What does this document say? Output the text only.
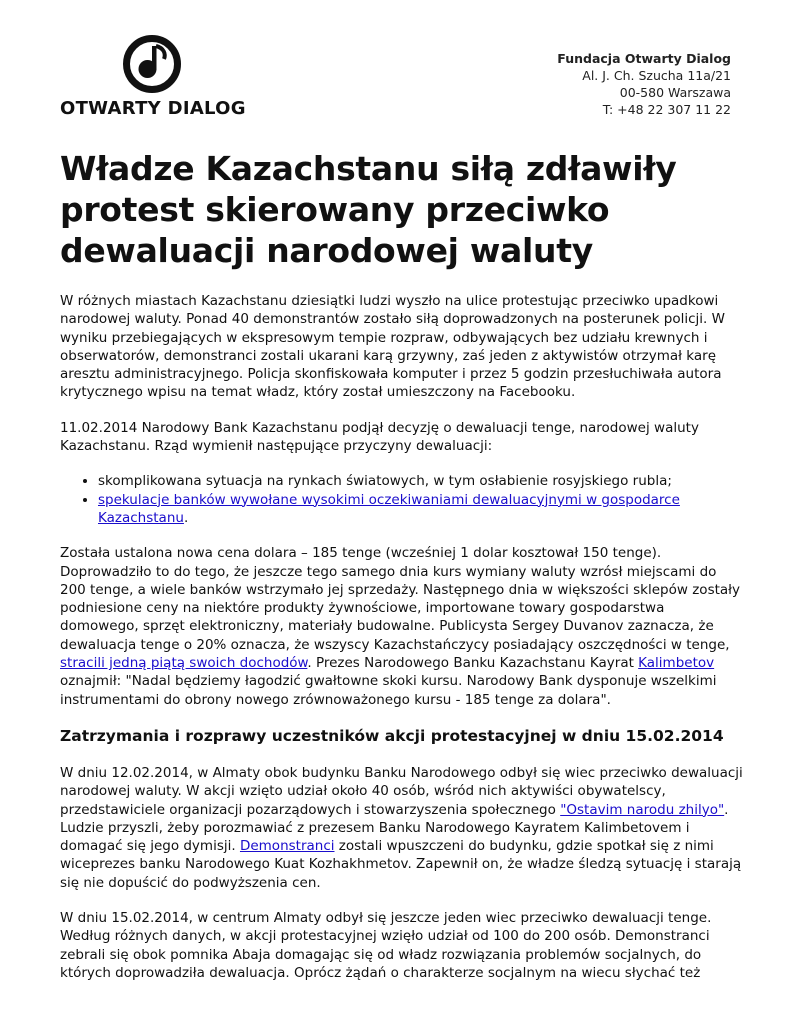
OTWARTY DIALOG
Fundacja Otwarty Dialog
Al. J. Ch. Szucha 11a/21
00-580 Warszawa
T: +48 22 307 11 22
Władze Kazachstanu siłą zdławiły protest skierowany przeciwko dewaluacji narodowej waluty

W różnych miastach Kazachstanu dziesiątki ludzi wyszło na ulice protestując przeciwko upadkowi narodowej waluty. Ponad 40 demonstrantów zostało siłą doprowadzonych na posterunek policji. W wyniku przebiegających w ekspresowym tempie rozpraw, odbywających bez udziału krewnych i obserwatorów, demonstranci zostali ukarani karą grzywny, zaś jeden z aktywistów otrzymał karę aresztu administracyjnego. Policja skonfiskowała komputer i przez 5 godzin przesłuchiwała autora krytycznego wpisu na temat władz, który został umieszczony na Facebooku.

11.02.2014 Narodowy Bank Kazachstanu podjął decyzję o dewaluacji tenge, narodowej waluty Kazachstanu. Rząd wymienił następujące przyczyny dewaluacji:

• skomplikowana sytuacja na rynkach światowych, w tym osłabienie rosyjskiego rubla;
• spekulacje banków wywołane wysokimi oczekiwaniami dewaluacyjnymi w gospodarce Kazachstanu.

Została ustalona nowa cena dolara – 185 tenge (wcześniej 1 dolar kosztował 150 tenge). Doprowadziło to do tego, że jeszcze tego samego dnia kurs wymiany waluty wzrósł miejscami do 200 tenge, a wiele banków wstrzymało jej sprzedaży. Następnego dnia w większości sklepów zostały podniesione ceny na niektóre produkty żywnościowe, importowane towary gospodarstwa domowego, sprzęt elektroniczny, materiały budowalne. Publicysta Sergey Duvanov zaznacza, że dewaluacja tenge o 20% oznacza, że wszyscy Kazachstańczycy posiadający oszczędności w tenge, stracili jedną piątą swoich dochodów. Prezes Narodowego Banku Kazachstanu Kayrat Kalimbetov oznajmił: "Nadal będziemy łagodzić gwałtowne skoki kursu. Narodowy Bank dysponuje wszelkimi instrumentami do obrony nowego zrównoważonego kursu - 185 tenge za dolara".

Zatrzymania i rozprawy uczestników akcji protestacyjnej w dniu 15.02.2014

W dniu 12.02.2014, w Almaty obok budynku Banku Narodowego odbył się wiec przeciwko dewaluacji narodowej waluty. W akcji wzięto udział około 40 osób, wśród nich aktywiści obywatelscy, przedstawiciele organizacji pozarządowych i stowarzyszenia społecznego "Ostavim narodu zhilyo". Ludzie przyszli, żeby porozmawiać z prezesem Banku Narodowego Kayratem Kalimbetovem i domagać się jego dymisji. Demonstranci zostali wpuszczeni do budynku, gdzie spotkał się z nimi wiceprezes banku Narodowego Kuat Kozhakhmetov. Zapewnił on, że władze śledzą sytuację i starają się nie dopuścić do podwyższenia cen.

W dniu 15.02.2014, w centrum Almaty odbył się jeszcze jeden wiec przeciwko dewaluacji tenge. Według różnych danych, w akcji protestacyjnej wzięło udział od 100 do 200 osób. Demonstranci zebrali się obok pomnika Abaja domagając się od władz rozwiązania problemów socjalnych, do których doprowadziła dewaluacja. Oprócz żądań o charakterze socjalnym na wiecu słychać też
